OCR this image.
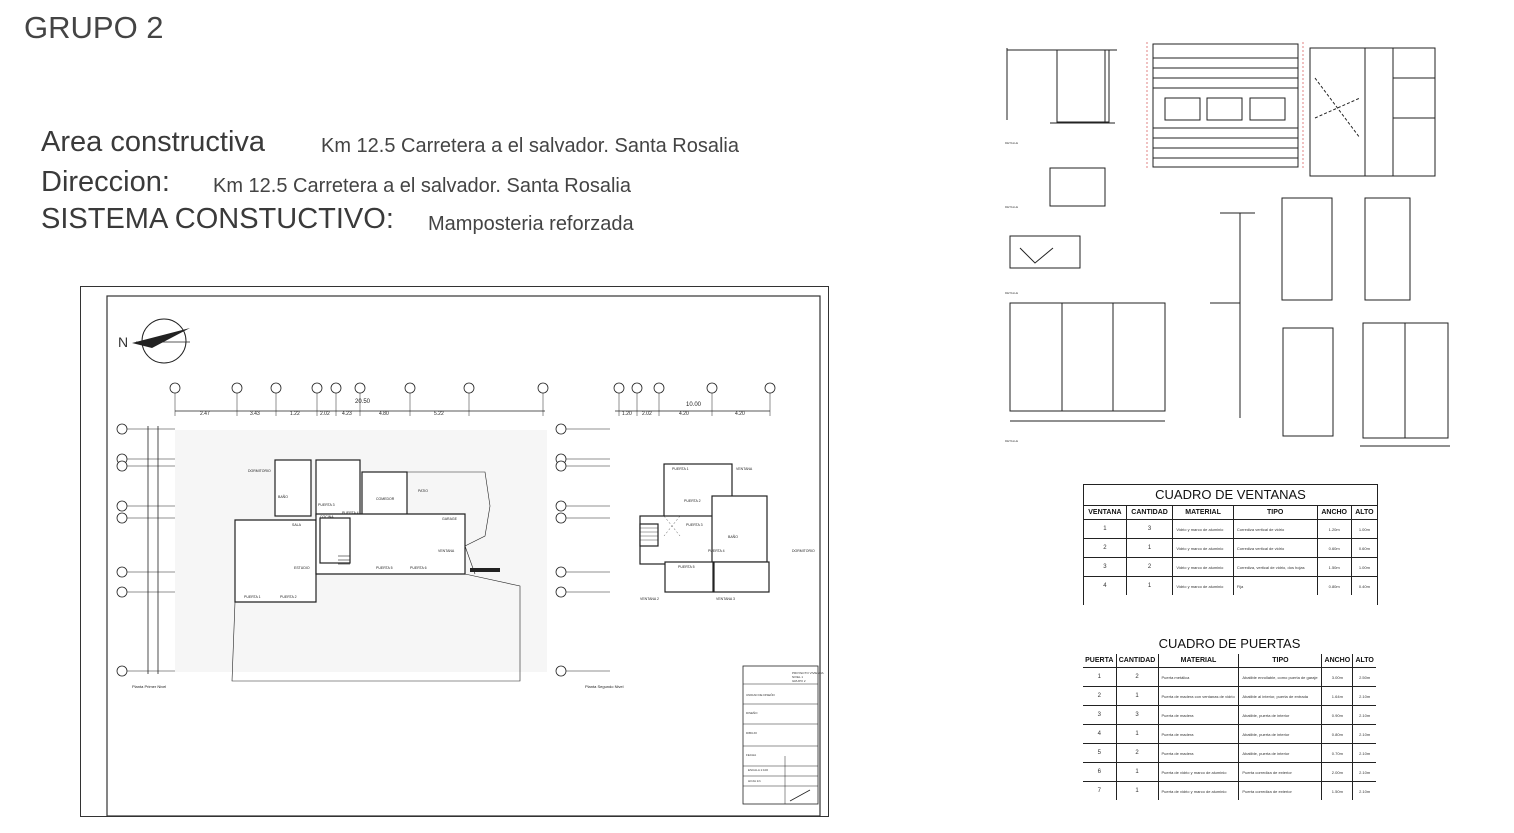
GRUPO 2
Area constructiva	Km 12.5 Carretera a el salvador. Santa Rosalia
Direccion: Km 12.5 Carretera a el salvador. Santa Rosalia
SISTEMA CONSTUCTIVO: Mamposteria reforzada
N
20.50
2.47	3.43	1.22	2.02 4.23	4.80	5.22
DORMITORIO
BAÑO
SALA
COCINA
COMEDOR
PATIO
GARAGE
ESTUDIO
VENTANA
PUERTA 1	PUERTA 2
PUERTA 3
PUERTA 4
PUERTA 5	PUERTA 6
10.00
1.20 2.02	4.20	4.20
PUERTA 1	VENTANA
PUERTA 2
PUERTA 3
PUERTA 4
PUERTA 5
DORMITORIO
BAÑO
VENTANA 2	VENTANA 3
Planta Primer Nivel	Planta Segundo Nivel
PROYECTO VIVIENDA
NIVEL 1
GRUPO 2
UNIDAD DE DISEÑO
DISEÑO
DIBUJO
FECHA
ESCALA 1:100
HOJA 1/1
DETALLE
DETALLE
DETALLE
DETALLE
CUADRO DE VENTANAS
VENTANA	CANTIDAD	MATERIAL	TIPO	ANCHO	ALTO
1	3	Vidrio y marco de aluminio	Corrediza vertical de vidrio	1.20m	1.00m
2	1	Vidrio y marco de aluminio	Corrediza vertical de vidrio	0.60m	0.60m
3	2	Vidrio y marco de aluminio	Corrediza, vertical de vidrio, dos hojas	1.50m	1.00m
4	1	Vidrio y marco de aluminio	Fija	0.80m	0.40m
CUADRO DE PUERTAS
PUERTA	CANTIDAD	MATERIAL	TIPO	ANCHO	ALTO
1	2	Puerta metálica	Abatible enrollable, como puerta de garaje	3.00m	2.50m
2	1	Puerta de madera con ventanas de vidrio	Abatible al interior, puerta de entrada	1.64m	2.10m
3	3	Puerta de madera	Abatible, puerta de interior	0.90m	2.10m
4	1	Puerta de madera	Abatible, puerta de interior	0.80m	2.10m
5	2	Puerta de madera	Abatible, puerta de interior	0.70m	2.10m
6	1	Puerta de vidrio y marco de aluminio	Puerta corrediza de exterior	2.00m	2.10m
7	1	Puerta de vidrio y marco de aluminio	Puerta corrediza de exterior	1.50m	2.10m
